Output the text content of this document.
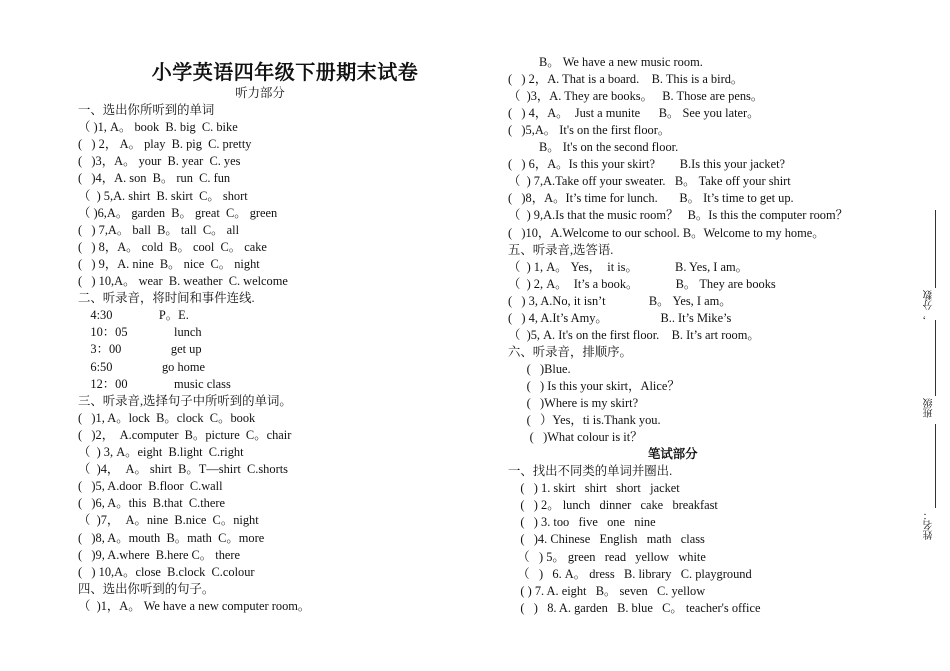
小学英语四年级下册期末试卷
听力部分
一、选出你所听到的单词
（ )1, A。 book  B. big  C. bike
(   ) 2， A。 play  B. pig  C. pretty
(   )3，A。 your  B. year  C. yes
(   )4，A. son  B。 run  C. fun
（  ) 5,A. shirt  B. skirt  C。 short
（ )6,A。 garden  B。 great  C。 green
(   ) 7,A。 ball  B。 tall  C。 all
(   ) 8，A。 cold  B。 cool  C。 cake
(   ) 9，A. nine  B。 nice  C。 night
(   ) 10,A。 wear  B. weather  C. welcome
二、听录音，将时间和事件连线.
4:30               P。E.
10：05               lunch
3：00                get up
6:50                go home
12：00               music class
三、听录音,选择句子中所听到的单词。
(   )1, A。lock  B。clock  C。book
(   )2，  A.computer  B。picture  C。chair
（  ) 3, A。eight  B.light  C.right
（  )4，  A。 shirt  B。T—shirt  C.shorts
(   )5, A.door  B.floor  C.wall
(   )6, A。this  B.that  C.there
（  )7，  A。nine  B.nice  C。night
(   )8, A。mouth  B。math  C。more
(   )9, A.where  B.here C。 there
(   ) 10,A。close  B.clock  C.colour
四、选出你听到的句子。
（  )1，A。 We have a new computer room。
B。 We have a new music room.
(   ) 2，A. That is a board.    B. This is a bird。
（  )3，A. They are books。   B. Those are pens。
(   ) 4，A。  Just a munite      B。 See you later。
(   )5,A。 It's on the first floor。
B。 It's on the second floor.
(   ) 6，A。Is this your skirt?        B.Is this your jacket?
（  ) 7,A.Take off your sweater.   B。 Take off your shirt
(   )8，A。It’s time for lunch.       B。 It’s time to get up.
（  ) 9,A.Is that the music room？   B。Is this the computer room？
(   )10，A.Welcome to our school. B。Welcome to my home。
五、听录音,选答语.
（  ) 1, A。 Yes，  it is。            B. Yes, I am。
（  ) 2, A。  It’s a book。            B。 They are books
(   ) 3, A.No, it isn’t              B。 Yes, I am。
(   ) 4, A.It’s Amy。                 B.. It’s Mike’s
（  )5, A. It's on the first floor.    B. It’s art room。
六、听录音，排顺序。
(   )Blue.
(   ) Is this your skirt，Alice？
(   )Where is my skirt?
(   ）Yes，ti is.Thank you.
(   )What colour is it？
笔试部分
一、找出不同类的单词并圈出.
(   ) 1. skirt   shirt   short   jacket
(   ) 2。 lunch   dinner   cake   breakfast
(   ) 3. too   five   one   nine
(   )4. Chinese   English   math   class
（   ) 5。 green   read   yellow   white
（   )   6. A。 dress   B. library   C. playground
( ) 7. A. eight   B。 seven   C. yellow
(   )   8. A. garden   B. blue   C。 teacher's office
，分数
班级
姓名：
